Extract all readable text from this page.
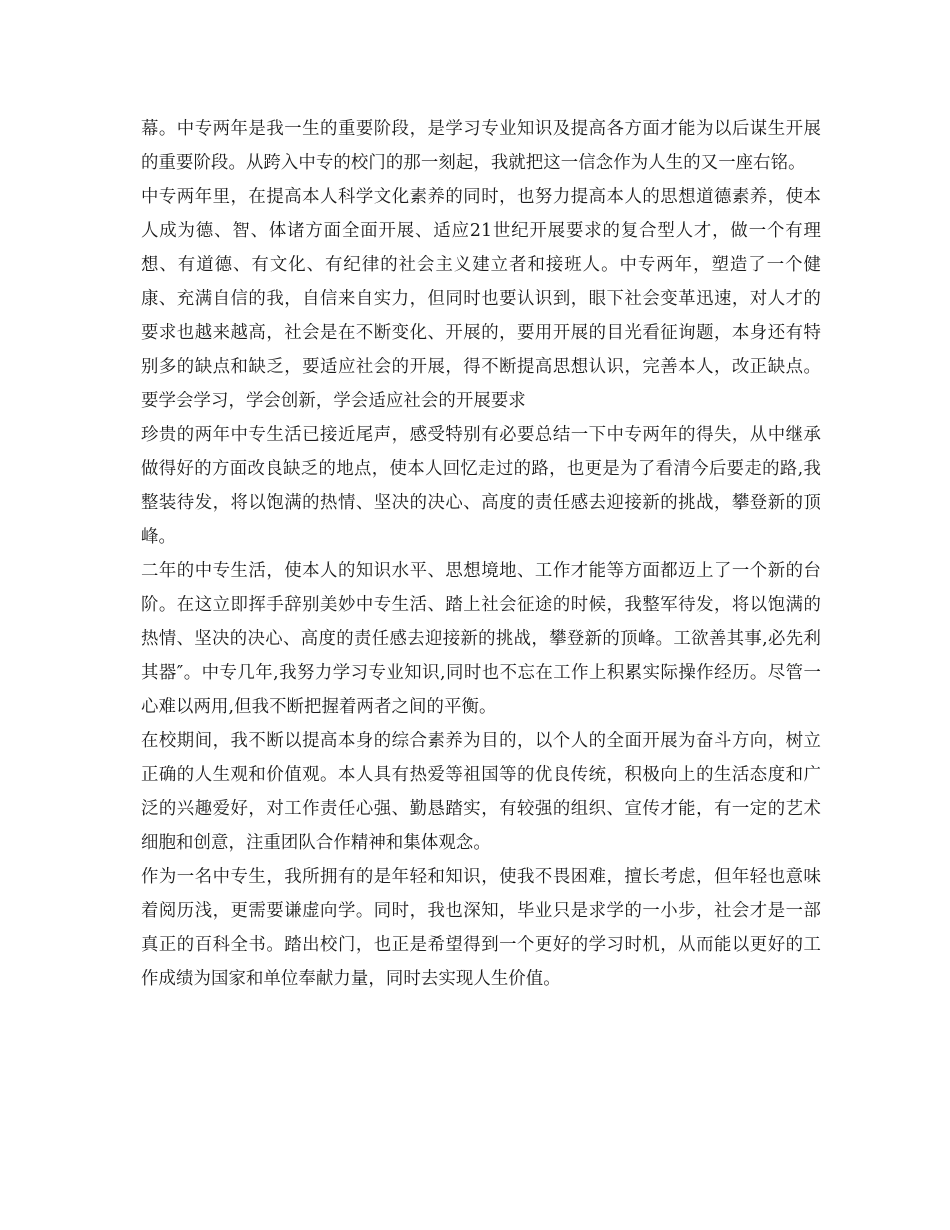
幕。中专两年是我一生的重要阶段，是学习专业知识及提高各方面才能为以后谋生开展的重要阶段。从跨入中专的校门的那一刻起，我就把这一信念作为人生的又一座右铭。

中专两年里，在提高本人科学文化素养的同时，也努力提高本人的思想道德素养，使本人成为德、智、体诸方面全面开展、适应21世纪开展要求的复合型人才，做一个有理想、有道德、有文化、有纪律的社会主义建立者和接班人。中专两年，塑造了一个健康、充满自信的我，自信来自实力，但同时也要认识到，眼下社会变革迅速，对人才的要求也越来越高，社会是在不断变化、开展的，要用开展的目光看征询题，本身还有特别多的缺点和缺乏，要适应社会的开展，得不断提高思想认识，完善本人，改正缺点。要学会学习，学会创新，学会适应社会的开展要求

珍贵的两年中专生活已接近尾声，感受特别有必要总结一下中专两年的得失，从中继承做得好的方面改良缺乏的地点，使本人回忆走过的路，也更是为了看清今后要走的路,我整装待发，将以饱满的热情、坚决的决心、高度的责任感去迎接新的挑战，攀登新的顶峰。

二年的中专生活，使本人的知识水平、思想境地、工作才能等方面都迈上了一个新的台阶。在这立即挥手辞别美妙中专生活、踏上社会征途的时候，我整军待发，将以饱满的热情、坚决的决心、高度的责任感去迎接新的挑战，攀登新的顶峰。工欲善其事,必先利其器″。中专几年,我努力学习专业知识,同时也不忘在工作上积累实际操作经历。尽管一心难以两用,但我不断把握着两者之间的平衡。

在校期间，我不断以提高本身的综合素养为目的，以个人的全面开展为奋斗方向，树立正确的人生观和价值观。本人具有热爱等祖国等的优良传统，积极向上的生活态度和广泛的兴趣爱好，对工作责任心强、勤恳踏实，有较强的组织、宣传才能，有一定的艺术细胞和创意，注重团队合作精神和集体观念。

作为一名中专生，我所拥有的是年轻和知识，使我不畏困难，擅长考虑，但年轻也意味着阅历浅，更需要谦虚向学。同时，我也深知，毕业只是求学的一小步，社会才是一部真正的百科全书。踏出校门，也正是希望得到一个更好的学习时机，从而能以更好的工作成绩为国家和单位奉献力量，同时去实现人生价值。
